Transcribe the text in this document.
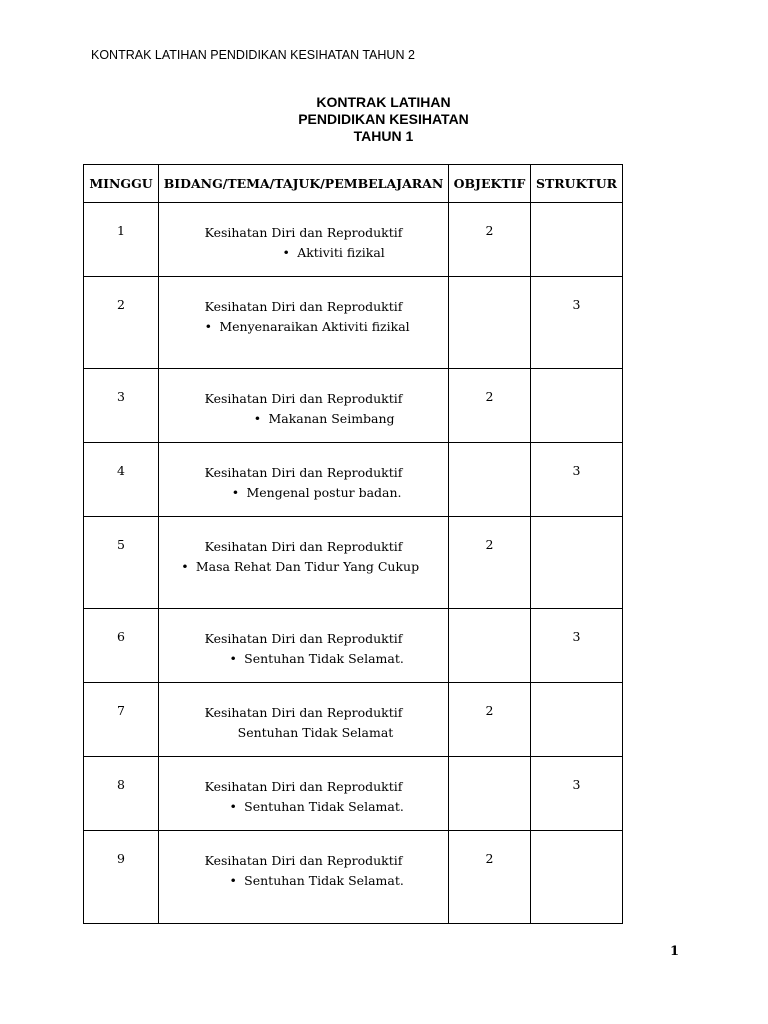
KONTRAK LATIHAN PENDIDIKAN KESIHATAN TAHUN 2
KONTRAK LATIHAN
PENDIDIKAN KESIHATAN
TAHUN 1
MINGGU	BIDANG/TEMA/TAJUK/PEMBELAJARAN	OBJEKTIF	STRUKTUR
1	Kesihatan Diri dan Reproduktif
• Aktiviti fizikal	2	
2	Kesihatan Diri dan Reproduktif
• Menyenaraikan Aktiviti fizikal		3
3	Kesihatan Diri dan Reproduktif
• Makanan Seimbang	2	
4	Kesihatan Diri dan Reproduktif
• Mengenal postur badan.		3
5	Kesihatan Diri dan Reproduktif
• Masa Rehat Dan Tidur Yang Cukup	2	
6	Kesihatan Diri dan Reproduktif
• Sentuhan Tidak Selamat.		3
7	Kesihatan Diri dan Reproduktif
Sentuhan Tidak Selamat	2	
8	Kesihatan Diri dan Reproduktif
• Sentuhan Tidak Selamat.		3
9	Kesihatan Diri dan Reproduktif
• Sentuhan Tidak Selamat.	2	
1
